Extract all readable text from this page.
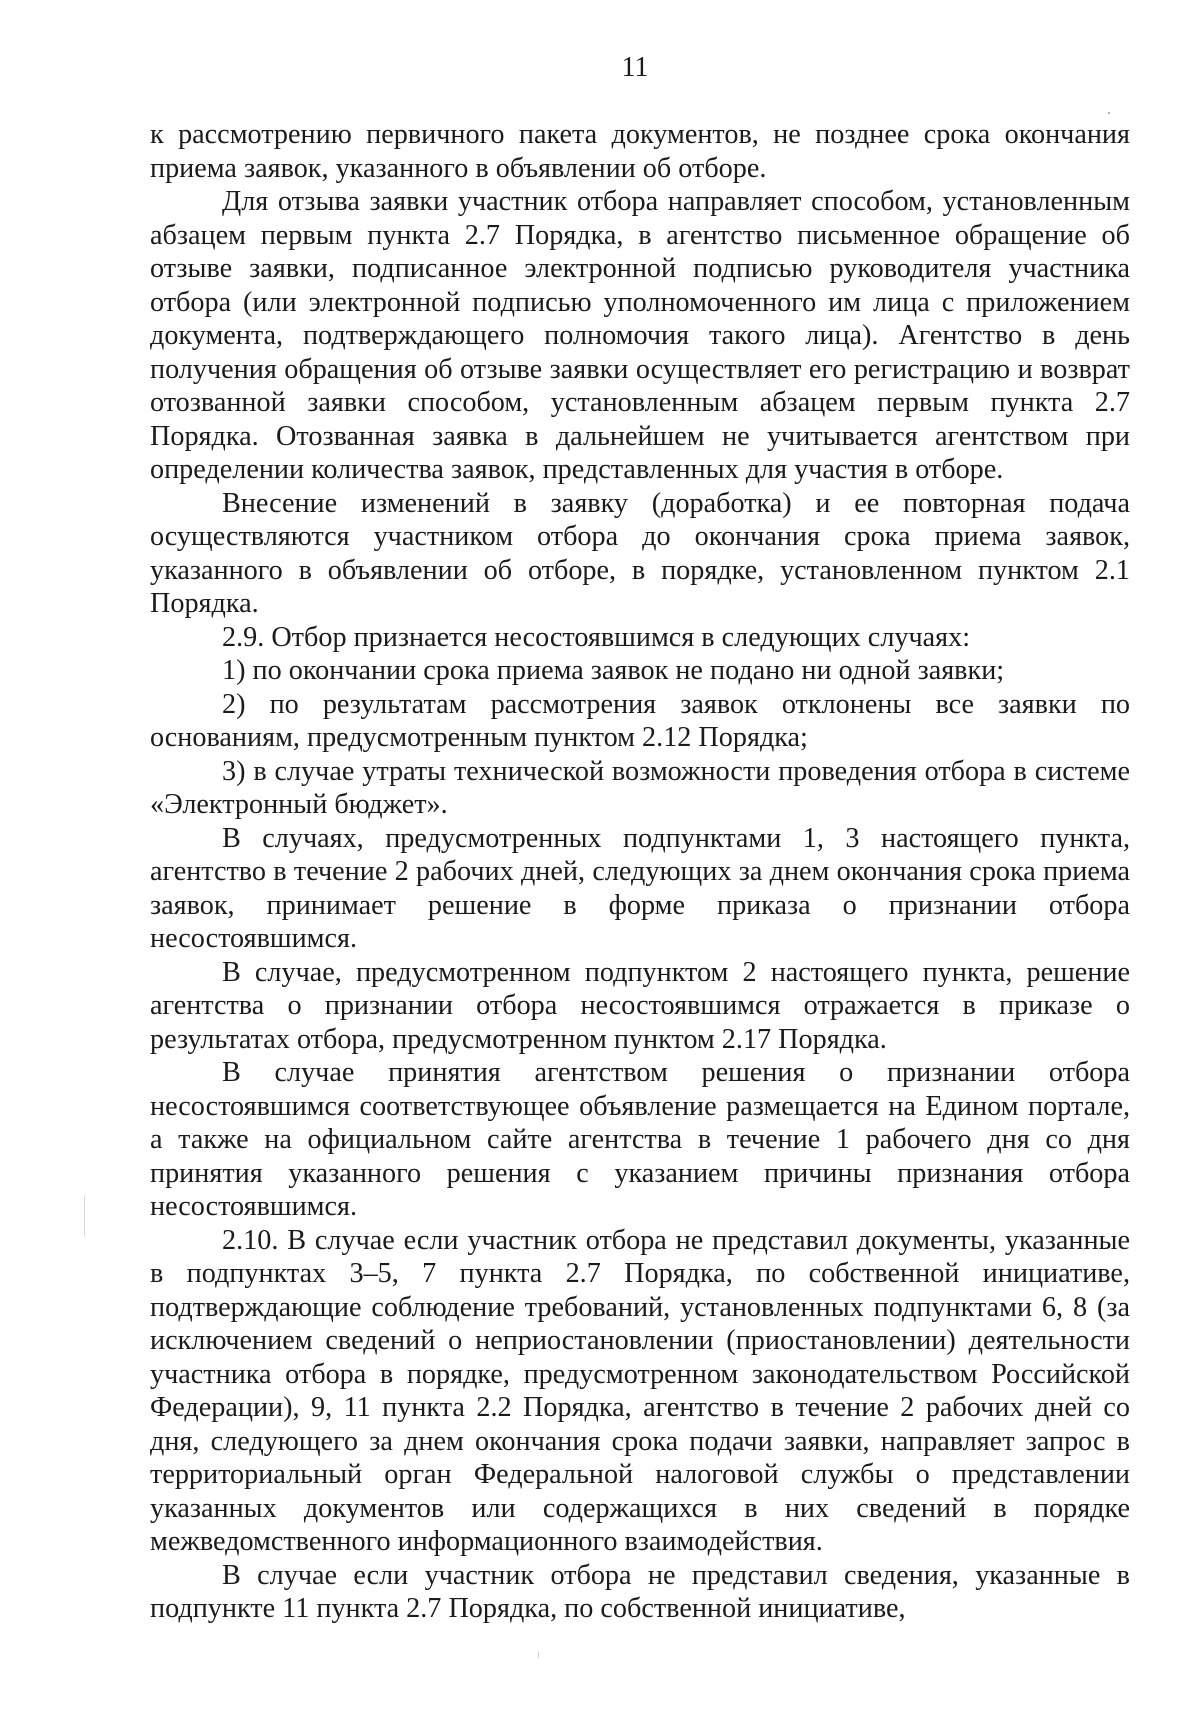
11

к рассмотрению первичного пакета документов, не позднее срока окончания приема заявок, указанного в объявлении об отборе.

Для отзыва заявки участник отбора направляет способом, установленным абзацем первым пункта 2.7 Порядка, в агентство письменное обращение об отзыве заявки, подписанное электронной подписью руководителя участника отбора (или электронной подписью уполномоченного им лица с приложением документа, подтверждающего полномочия такого лица). Агентство в день получения обращения об отзыве заявки осуществляет его регистрацию и возврат отозванной заявки способом, установленным абзацем первым пункта 2.7 Порядка. Отозванная заявка в дальнейшем не учитывается агентством при определении количества заявок, представленных для участия в отборе.

Внесение изменений в заявку (доработка) и ее повторная подача осуществляются участником отбора до окончания срока приема заявок, указанного в объявлении об отборе, в порядке, установленном пунктом 2.1 Порядка.

2.9. Отбор признается несостоявшимся в следующих случаях:

1) по окончании срока приема заявок не подано ни одной заявки;

2) по результатам рассмотрения заявок отклонены все заявки по основаниям, предусмотренным пунктом 2.12 Порядка;

3) в случае утраты технической возможности проведения отбора в системе «Электронный бюджет».

В случаях, предусмотренных подпунктами 1, 3 настоящего пункта, агентство в течение 2 рабочих дней, следующих за днем окончания срока приема заявок, принимает решение в форме приказа о признании отбора несостоявшимся.

В случае, предусмотренном подпунктом 2 настоящего пункта, решение агентства о признании отбора несостоявшимся отражается в приказе о результатах отбора, предусмотренном пунктом 2.17 Порядка.

В случае принятия агентством решения о признании отбора несостоявшимся соответствующее объявление размещается на Едином портале, а также на официальном сайте агентства в течение 1 рабочего дня со дня принятия указанного решения с указанием причины признания отбора несостоявшимся.

2.10. В случае если участник отбора не представил документы, указанные в подпунктах 3–5, 7 пункта 2.7 Порядка, по собственной инициативе, подтверждающие соблюдение требований, установленных подпунктами 6, 8 (за исключением сведений о неприостановлении (приостановлении) деятельности участника отбора в порядке, предусмотренном законодательством Российской Федерации), 9, 11 пункта 2.2 Порядка, агентство в течение 2 рабочих дней со дня, следующего за днем окончания срока подачи заявки, направляет запрос в территориальный орган Федеральной налоговой службы о представлении указанных документов или содержащихся в них сведений в порядке межведомственного информационного взаимодействия.

В случае если участник отбора не представил сведения, указанные в подпункте 11 пункта 2.7 Порядка, по собственной инициативе,
